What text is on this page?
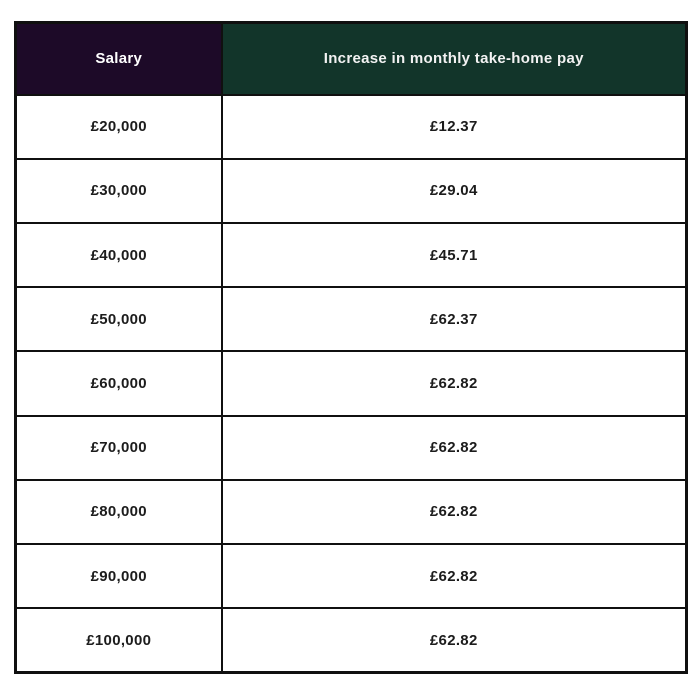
Salary	Increase in monthly take-home pay
£20,000	£12.37
£30,000	£29.04
£40,000	£45.71
£50,000	£62.37
£60,000	£62.82
£70,000	£62.82
£80,000	£62.82
£90,000	£62.82
£100,000	£62.82
